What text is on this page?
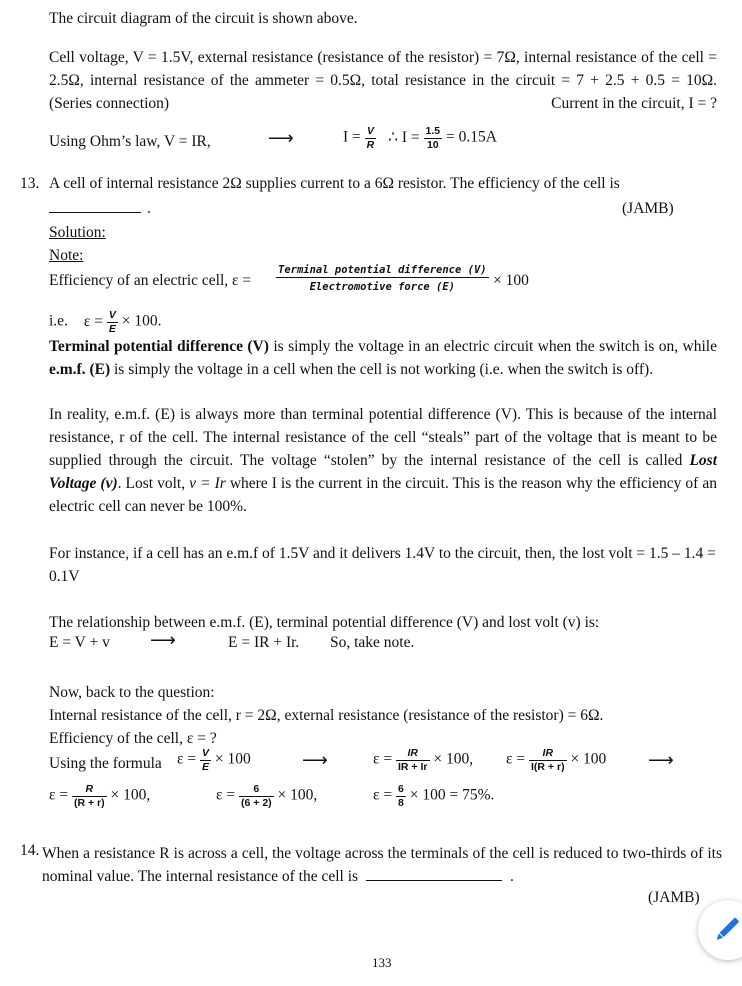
The circuit diagram of the circuit is shown above.
Cell voltage, V = 1.5V, external resistance (resistance of the resistor) = 7Ω, internal resistance of the cell = 2.5Ω, internal resistance of the ammeter = 0.5Ω, total resistance in the circuit = 7 + 2.5 + 0.5 = 10Ω. (Series connection)	Current in the circuit, I = ?
Using Ohm’s law, V = IR,	⟶	$I = \frac{V}{R}$ ∴ $I = \frac{1.5}{10} = 0.15A$
13. A cell of internal resistance 2Ω supplies current to a 6Ω resistor. The efficiency of the cell is
.	(JAMB)
Solution:
Note:
Efficiency of an electric cell, $\varepsilon = \frac{\text{Terminal potential difference (V)}}{\text{Electromotive force (E)}} \times 100$
i.e. $\varepsilon = \frac{V}{E} \times 100$.
Terminal potential difference (V) is simply the voltage in an electric circuit when the switch is on, while e.m.f. (E) is simply the voltage in a cell when the cell is not working (i.e. when the switch is off).
In reality, e.m.f. (E) is always more than terminal potential difference (V). This is because of the internal resistance, r of the cell. The internal resistance of the cell “steals” part of the voltage that is meant to be supplied through the circuit. The voltage “stolen” by the internal resistance of the cell is called Lost Voltage (v). Lost volt, v = Ir where I is the current in the circuit. This is the reason why the efficiency of an electric cell can never be 100%.
For instance, if a cell has an e.m.f of 1.5V and it delivers 1.4V to the circuit, then, the lost volt = 1.5 – 1.4 = 0.1V
The relationship between e.m.f. (E), terminal potential difference (V) and lost volt (v) is:
E = V + v ⟶	E = IR + Ir. So, take note.
Now, back to the question:
Internal resistance of the cell, r = 2Ω, external resistance (resistance of the resistor) = 6Ω.
Efficiency of the cell, ε = ?
Using the formula $\varepsilon = \frac{V}{E} \times 100$	⟶	$\varepsilon = \frac{IR}{IR + Ir} \times 100$, $\varepsilon = \frac{IR}{I(R + r)} \times 100$ ⟶
$\varepsilon = \frac{R}{(R + r)} \times 100$,	$\varepsilon = \frac{6}{(6 + 2)} \times 100$,	$\varepsilon = \frac{6}{8} \times 100 = 75\%$.
14. When a resistance R is across a cell, the voltage across the terminals of the cell is reduced to two-thirds of its nominal value. The internal resistance of the cell is	.
(JAMB)
133
